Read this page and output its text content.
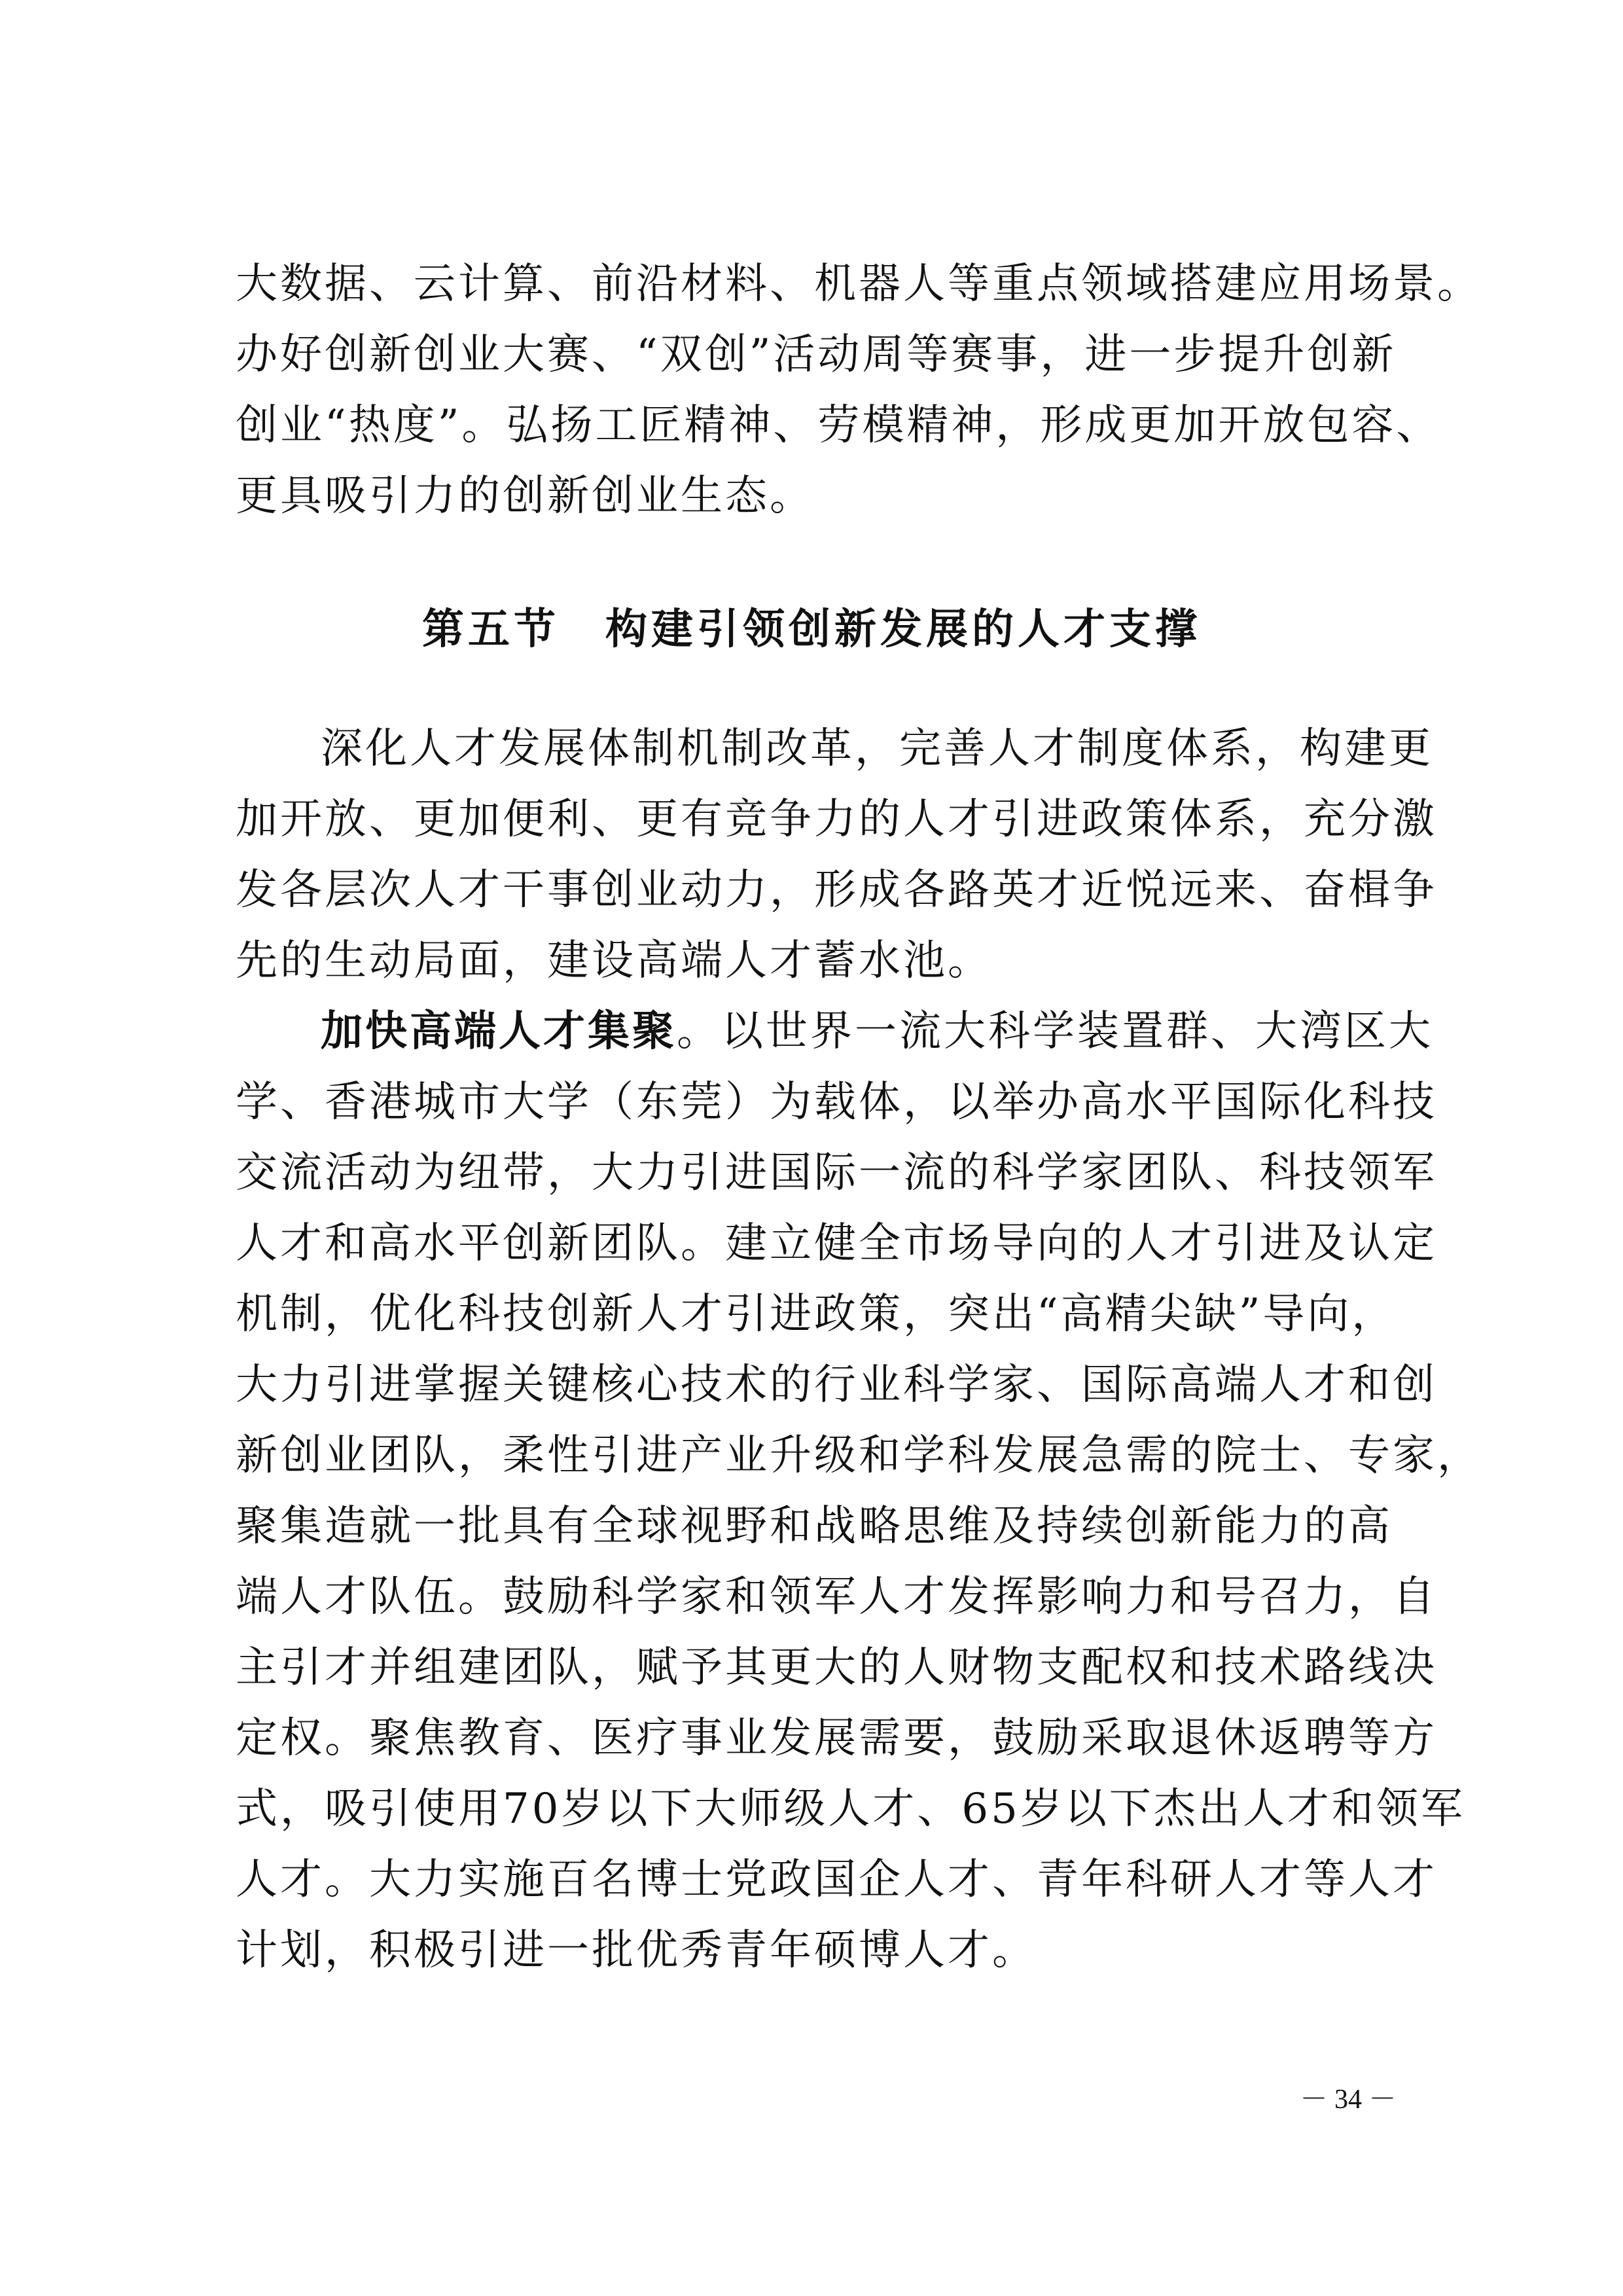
大数据、云计算、前沿材料、机器人等重点领域搭建应用场景。
办好创新创业大赛、“双创”活动周等赛事，进一步提升创新
创业“热度”。弘扬工匠精神、劳模精神，形成更加开放包容、
更具吸引力的创新创业生态。
第五节　构建引领创新发展的人才支撑
深化人才发展体制机制改革，完善人才制度体系，构建更
加开放、更加便利、更有竞争力的人才引进政策体系，充分激
发各层次人才干事创业动力，形成各路英才近悦远来、奋楫争
先的生动局面，建设高端人才蓄水池。
加快高端人才集聚。以世界一流大科学装置群、大湾区大
学、香港城市大学（东莞）为载体，以举办高水平国际化科技
交流活动为纽带，大力引进国际一流的科学家团队、科技领军
人才和高水平创新团队。建立健全市场导向的人才引进及认定
机制，优化科技创新人才引进政策，突出“高精尖缺”导向，
大力引进掌握关键核心技术的行业科学家、国际高端人才和创
新创业团队，柔性引进产业升级和学科发展急需的院士、专家，
聚集造就一批具有全球视野和战略思维及持续创新能力的高
端人才队伍。鼓励科学家和领军人才发挥影响力和号召力，自
主引才并组建团队，赋予其更大的人财物支配权和技术路线决
定权。聚焦教育、医疗事业发展需要，鼓励采取退休返聘等方
式，吸引使用70岁以下大师级人才、65岁以下杰出人才和领军
人才。大力实施百名博士党政国企人才、青年科研人才等人才
计划，积极引进一批优秀青年硕博人才。
－ 34 －
